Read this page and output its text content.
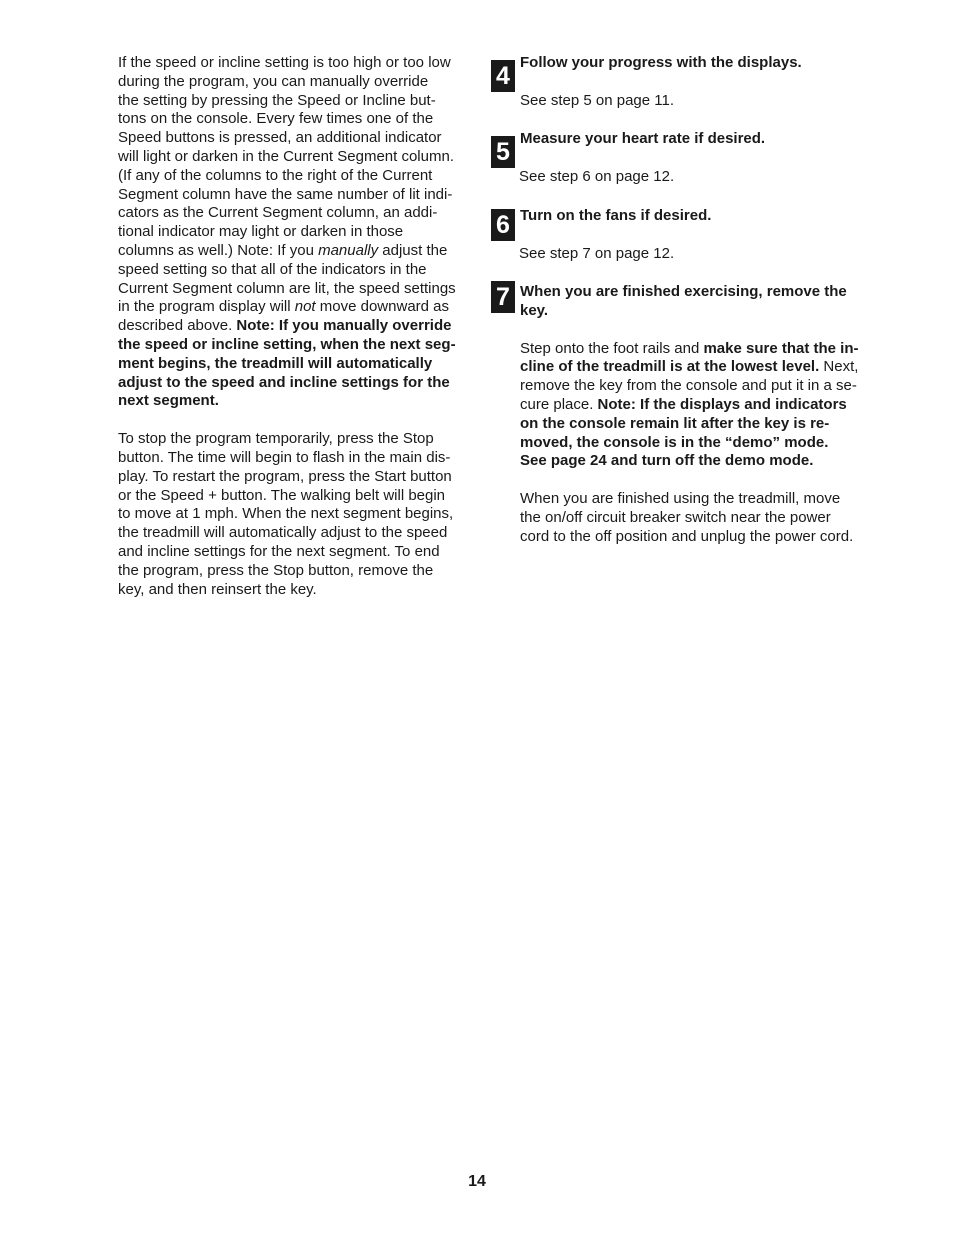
If the speed or incline setting is too high or too low
during the program, you can manually override
the setting by pressing the Speed or Incline but-
tons on the console. Every few times one of the
Speed buttons is pressed, an additional indicator
will light or darken in the Current Segment column.
(If any of the columns to the right of the Current
Segment column have the same number of lit indi-
cators as the Current Segment column, an addi-
tional indicator may light or darken in those
columns as well.) Note: If you manually adjust the
speed setting so that all of the indicators in the
Current Segment column are lit, the speed settings
in the program display will not move downward as
described above. Note: If you manually override
the speed or incline setting, when the next seg-
ment begins, the treadmill will automatically
adjust to the speed and incline settings for the
next segment.

To stop the program temporarily, press the Stop
button. The time will begin to flash in the main dis-
play. To restart the program, press the Start button
or the Speed + button. The walking belt will begin
to move at 1 mph. When the next segment begins,
the treadmill will automatically adjust to the speed
and incline settings for the next segment. To end
the program, press the Stop button, remove the
key, and then reinsert the key.

4 Follow your progress with the displays.
See step 5 on page 11.
5 Measure your heart rate if desired.
See step 6 on page 12.
6 Turn on the fans if desired.
See step 7 on page 12.
7 When you are finished exercising, remove the
key.

Step onto the foot rails and make sure that the in-
cline of the treadmill is at the lowest level. Next,
remove the key from the console and put it in a se-
cure place. Note: If the displays and indicators
on the console remain lit after the key is re-
moved, the console is in the “demo” mode.
See page 24 and turn off the demo mode.

When you are finished using the treadmill, move
the on/off circuit breaker switch near the power
cord to the off position and unplug the power cord.

14
